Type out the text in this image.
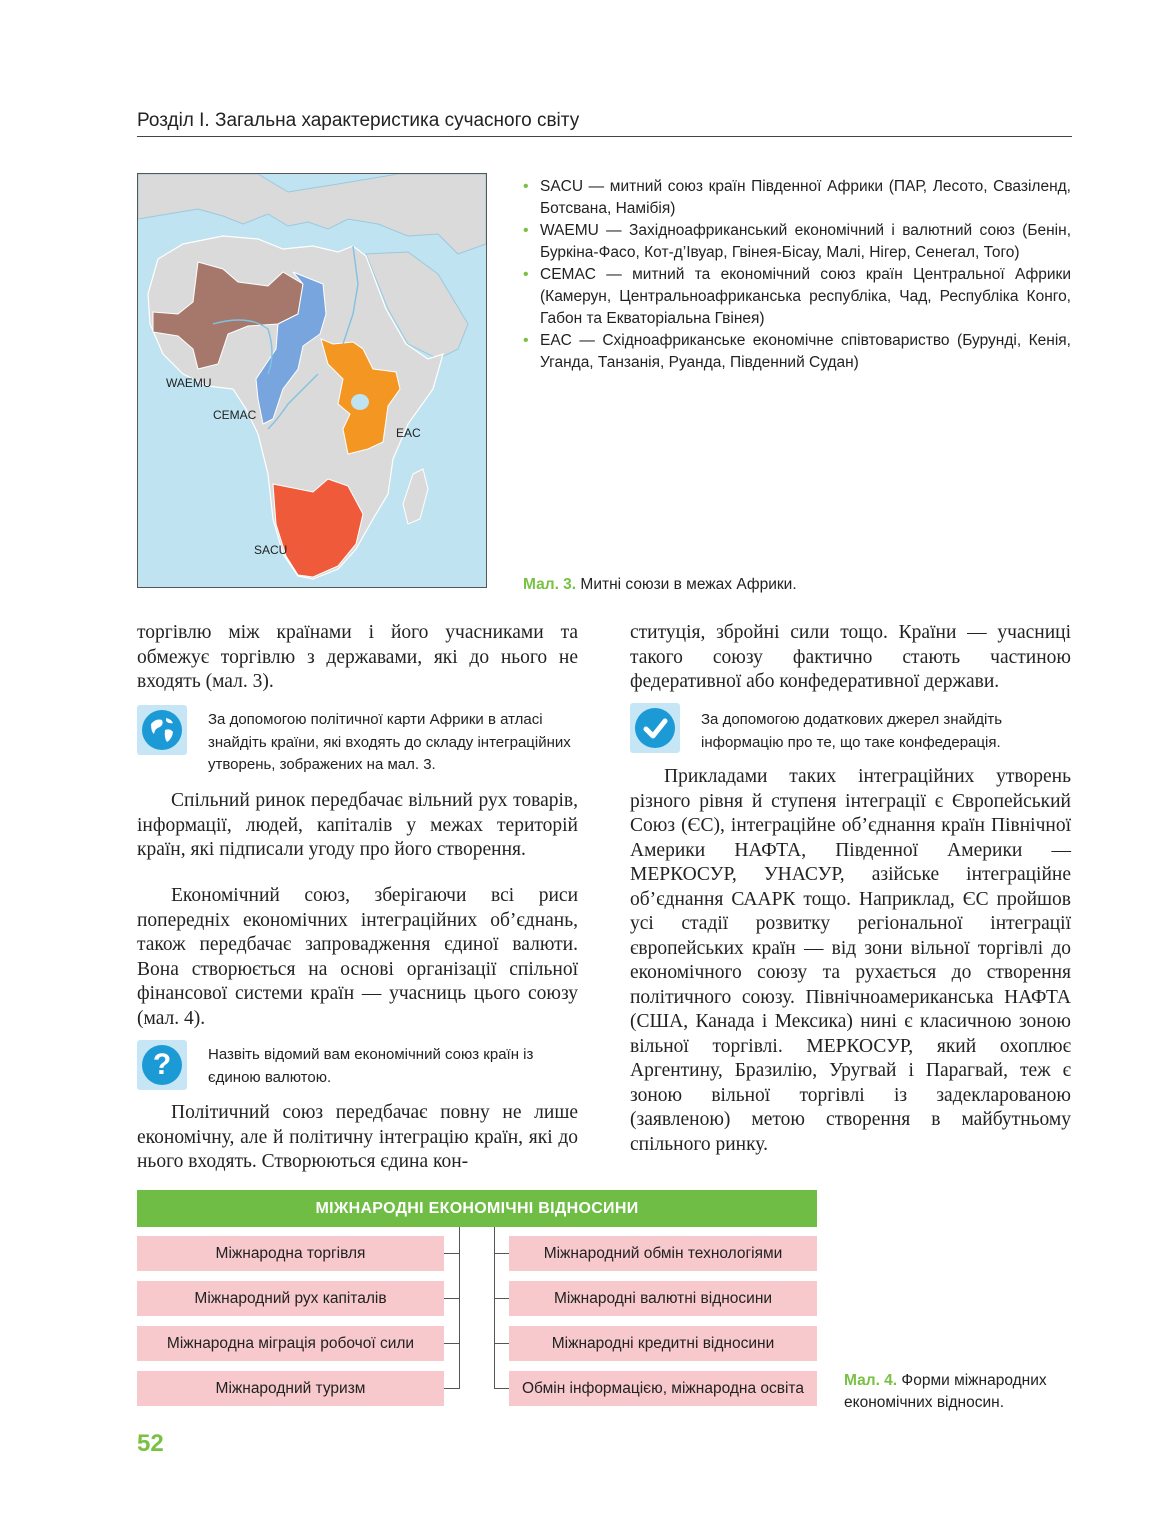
Розділ І. Загальна характеристика сучасного світу
WAEMU
CEMAC
EAC
SACU
• SACU — митний союз країн Південної Африки (ПАР, Лесото, Свазіленд, Ботсвана, Намібія)
• WAEMU — Західноафриканський економічний і валютний союз (Бенін, Буркіна-Фасо, Кот-д’Івуар, Гвінея-Бісау, Малі, Нігер, Сенегал, Того)
• CEMAC — митний та економічний союз країн Центральної Африки (Камерун, Центральноафриканська республіка, Чад, Республіка Конго, Габон та Екваторіальна Гвінея)
• EAC — Східноафриканське економічне співтовариство (Бурунді, Кенія, Уганда, Танзанія, Руанда, Південний Судан)
Мал. 3. Митні союзи в межах Африки.
торгівлю між країнами і його учасниками та обмежує торгівлю з державами, які до нього не входять (мал. 3).
За допомогою політичної карти Африки в атласі знайдіть країни, які входять до складу інтеграційних утворень, зображених на мал. 3.
Спільний ринок передбачає вільний рух товарів, інформації, людей, капіталів у межах територій країн, які підписали угоду про його створення.
Економічний союз, зберігаючи всі риси попередніх економічних інтеграційних об’єднань, також передбачає запровадження єдиної валюти. Вона створюється на основі організації спільної фінансової системи країн — учасниць цього союзу (мал. 4).
?	Назвіть відомий вам економічний союз країн із єдиною валютою.
Політичний союз передбачає повну не лише економічну, але й політичну інтеграцію країн, які до нього входять. Створюються єдина кон-
ституція, збройні сили тощо. Країни — учасниці такого союзу фактично стають частиною федеративної або конфедеративної держави.
За допомогою додаткових джерел знайдіть інформацію про те, що таке конфедерація.
Прикладами таких інтеграційних утворень різного рівня й ступеня інтеграції є Європейський Союз (ЄС), інтеграційне об’єднання країн Північної Америки НАФТА, Південної Америки — МЕРКОСУР, УНАСУР, азійське інтеграційне об’єднання СААРК тощо. Наприклад, ЄС пройшов усі стадії розвитку регіональної інтеграції європейських країн — від зони вільної торгівлі до економічного союзу та рухається до створення політичного союзу. Північноамериканська НАФТА (США, Канада і Мексика) нині є класичною зоною вільної торгівлі. МЕРКОСУР, який охоплює Аргентину, Бразилію, Уругвай і Парагвай, теж є зоною вільної торгівлі із задекларованою (заявленою) метою створення в майбутньому спільного ринку.
МІЖНАРОДНІ ЕКОНОМІЧНІ ВІДНОСИНИ
Міжнародна торгівля
Міжнародний рух капіталів
Міжнародна міграція робочої сили
Міжнародний туризм
Міжнародний обмін технологіями
Міжнародні валютні відносини
Міжнародні кредитні відносини
Обмін інформацією, міжнародна освіта	Мал. 4. Форми міжнародних економічних відносин.
52
